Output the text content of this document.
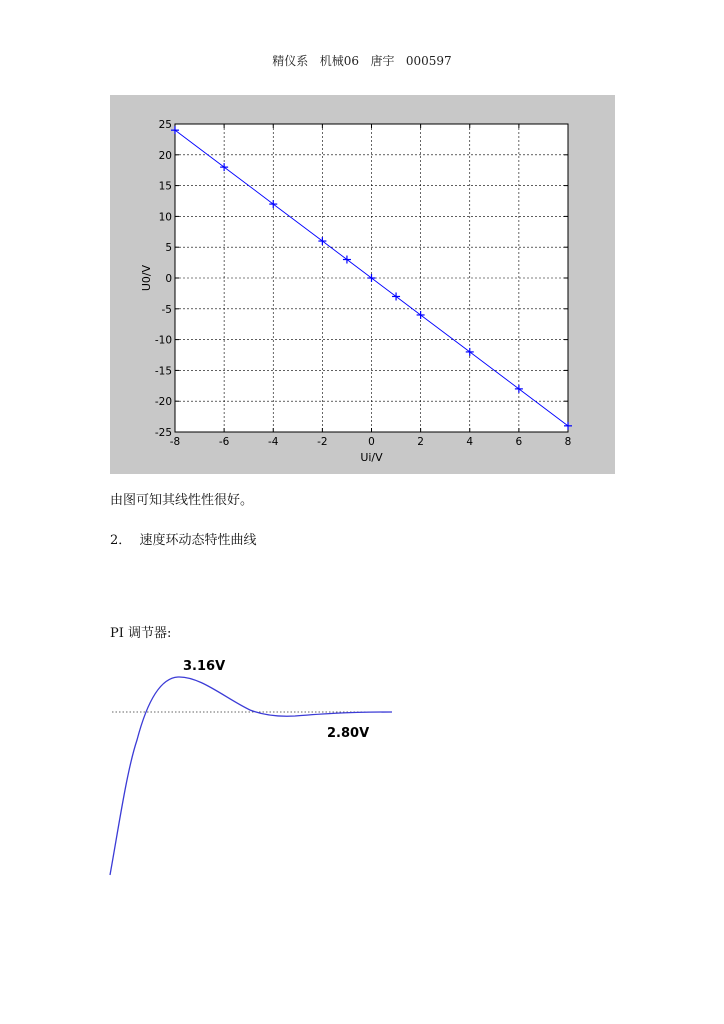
精仪系   机械06   唐宇   000597
-8	-6	-4	-2	0	2	4	6	8
-25
-20
-15
-10
-5
0
5
10
15
20
25
Ui/V
U0/V
由图可知其线性性很好。
2．  速度环动态特性曲线
PI 调节器:
3.16V
2.80V
